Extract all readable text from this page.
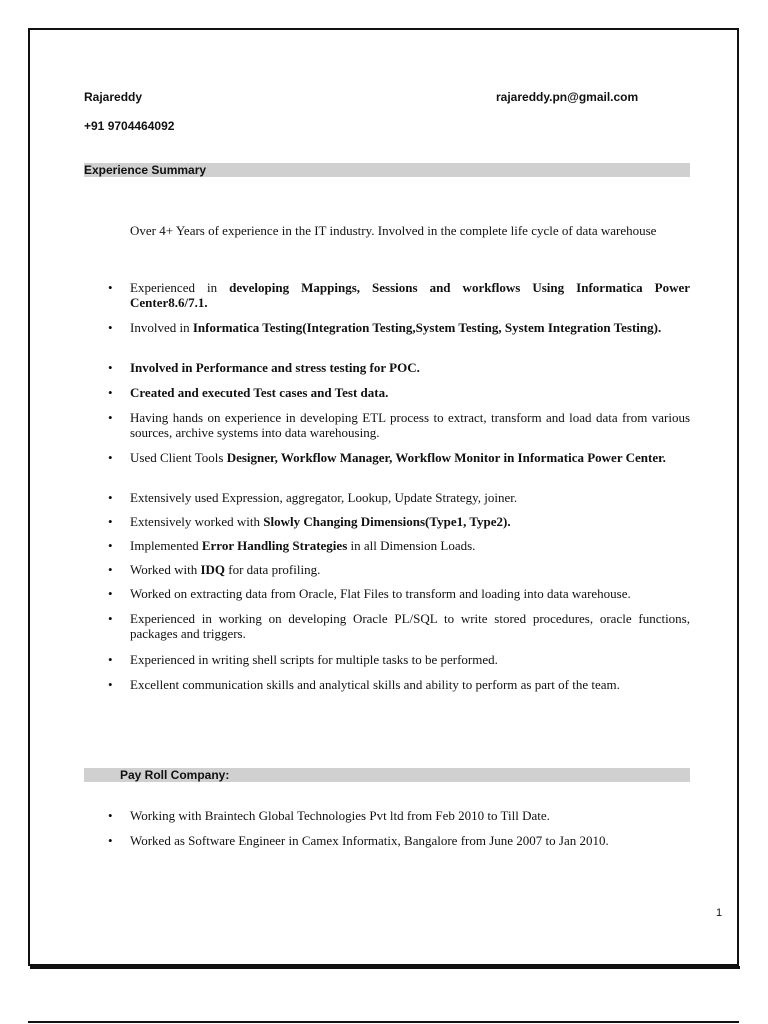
Rajareddy	rajareddy.pn@gmail.com
+91 9704464092
Experience Summary
Over 4+ Years of experience in the IT industry. Involved in the complete life cycle of data warehouse
• Experienced in developing Mappings, Sessions and workflows Using Informatica Power Center8.6/7.1.
• Involved in Informatica Testing(Integration Testing,System Testing, System Integration Testing).
• Involved in Performance and stress testing for POC.
• Created and executed Test cases and Test data.
• Having hands on experience in developing ETL process to extract, transform and load data from various sources, archive systems into data warehousing.
• Used Client Tools Designer, Workflow Manager, Workflow Monitor in Informatica Power Center.
• Extensively used Expression, aggregator, Lookup, Update Strategy, joiner.
• Extensively worked with Slowly Changing Dimensions(Type1, Type2).
• Implemented Error Handling Strategies in all Dimension Loads.
• Worked with IDQ for data profiling.
• Worked on extracting data from Oracle, Flat Files to transform and loading into data warehouse.
• Experienced in working on developing Oracle PL/SQL to write stored procedures, oracle functions, packages and triggers.
• Experienced in writing shell scripts for multiple tasks to be performed.
• Excellent communication skills and analytical skills and ability to perform as part of the team.
Pay Roll Company:
• Working with Braintech Global Technologies Pvt ltd from Feb 2010 to Till Date.
• Worked as Software Engineer in Camex Informatix, Bangalore from June 2007 to Jan 2010.
1
